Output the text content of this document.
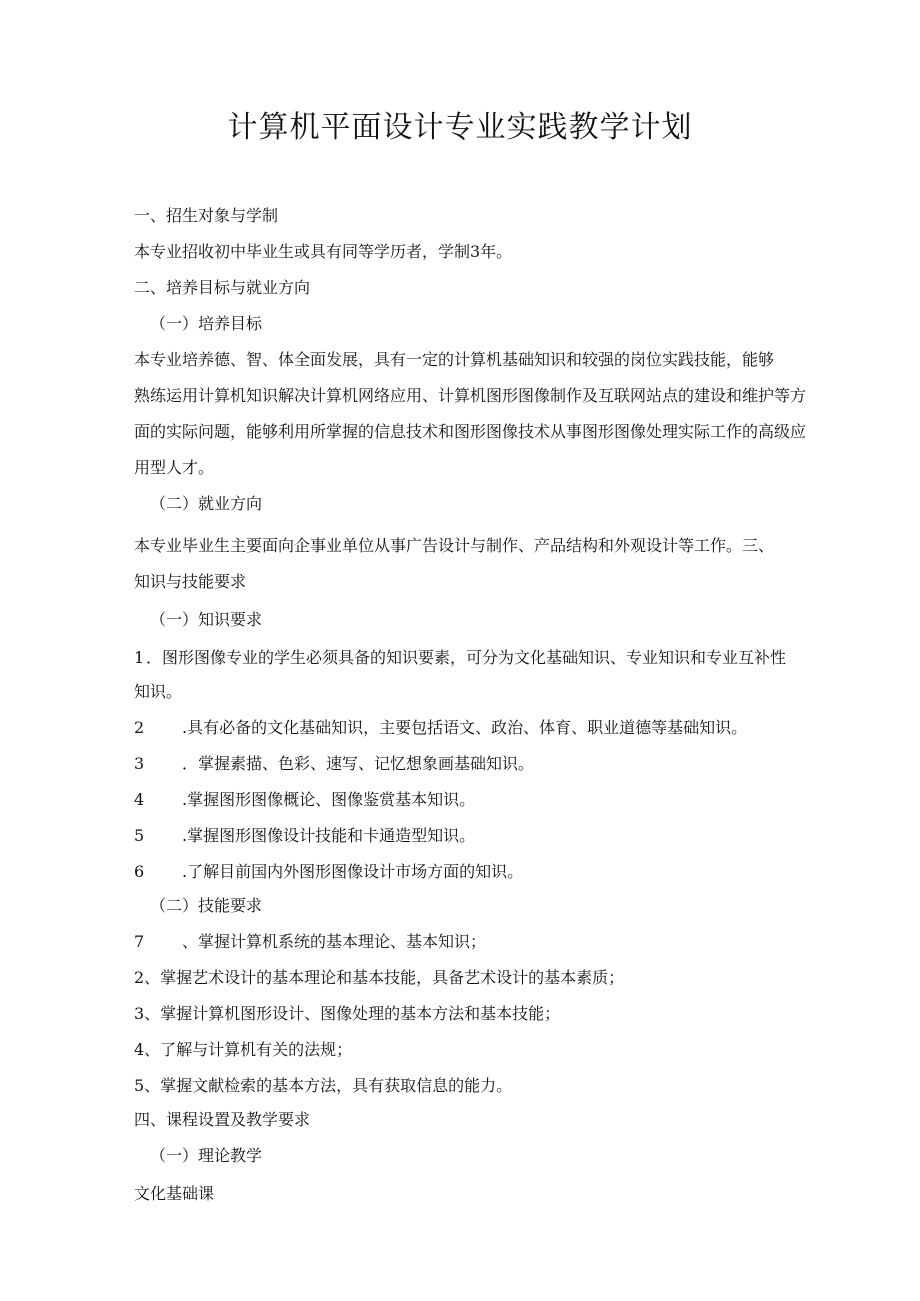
计算机平面设计专业实践教学计划
一、招生对象与学制
本专业招收初中毕业生或具有同等学历者，学制3年。
二、培养目标与就业方向
（一）培养目标
本专业培养德、智、体全面发展，具有一定的计算机基础知识和较强的岗位实践技能，能够
熟练运用计算机知识解决计算机网络应用、计算机图形图像制作及互联网站点的建设和维护等方
面的实际问题，能够利用所掌握的信息技术和图形图像技术从事图形图像处理实际工作的高级应
用型人才。
（二）就业方向
本专业毕业生主要面向企事业单位从事广告设计与制作、产品结构和外观设计等工作。三、
知识与技能要求
（一）知识要求
1 ．图形图像专业的学生必须具备的知识要素，可分为文化基础知识、专业知识和专业互补性
知识。
2 .具有必备的文化基础知识，主要包括语文、政治、体育、职业道德等基础知识。
3 ．掌握素描、色彩、速写、记忆想象画基础知识。
4 .掌握图形图像概论、图像鉴赏基本知识。
5 .掌握图形图像设计技能和卡通造型知识。
6 .了解目前国内外图形图像设计市场方面的知识。
（二）技能要求
7 、掌握计算机系统的基本理论、基本知识；
2、掌握艺术设计的基本理论和基本技能，具备艺术设计的基本素质；
3、掌握计算机图形设计、图像处理的基本方法和基本技能；
4、了解与计算机有关的法规；
5、掌握文献检索的基本方法，具有获取信息的能力。
四、课程设置及教学要求
（一）理论教学
文化基础课
